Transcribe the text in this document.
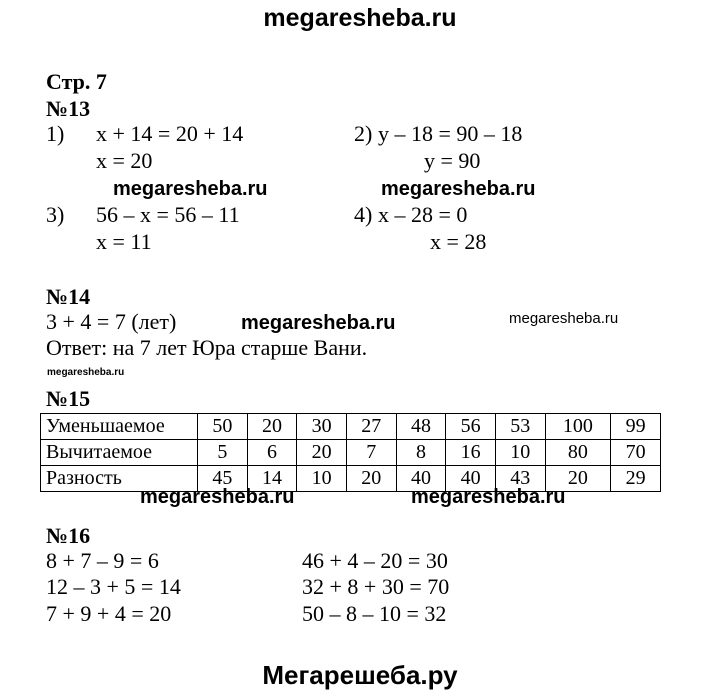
megaresheba.ru
Стр. 7
№13
1) x + 14 = 20 + 14
x = 20
2) y – 18 = 90 – 18
y = 90
3) 56 – x = 56 – 11
x = 11
4) x – 28 = 0
x = 28
№14
3 + 4 = 7 (лет)
Ответ: на 7 лет Юра старше Вани.
№15
Уменьшаемое	50	20	30	27	48	56	53	100	99
Вычитаемое	5	6	20	7	8	16	10	80	70
Разность	45	14	10	20	40	40	43	20	29
№16
8 + 7 – 9 = 6
12 – 3 + 5 = 14
7 + 9 + 4 = 20
46 + 4 – 20 = 30
32 + 8 + 30 = 70
50 – 8 – 10 = 32
megaresheba.ru	megaresheba.ru
megaresheba.ru	megaresheba.ru
megaresheba.ru
megaresheba.ru	megaresheba.ru
Мегарешеба.ру
